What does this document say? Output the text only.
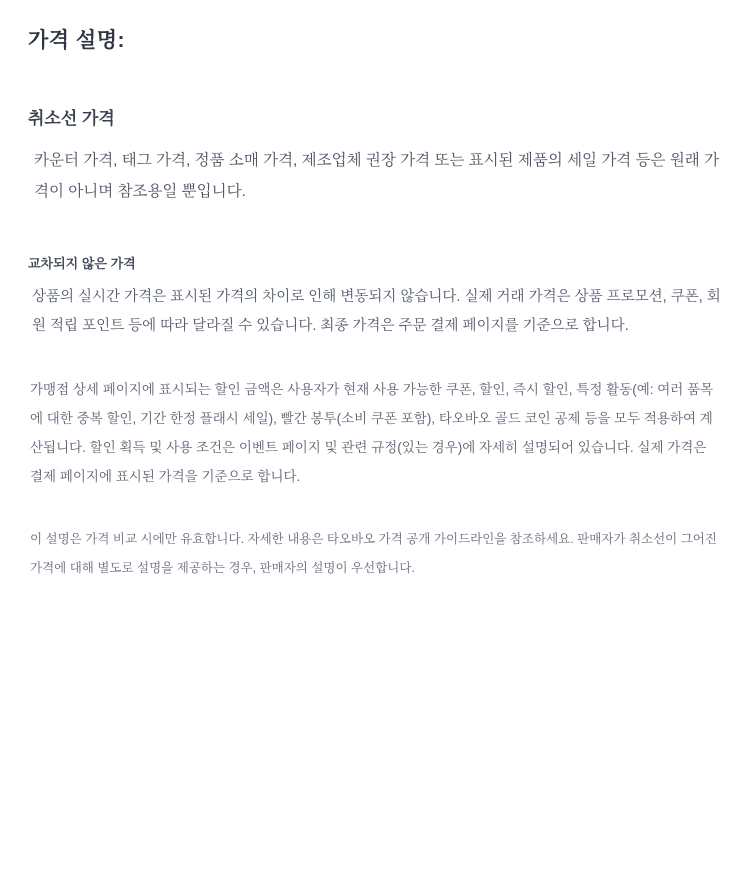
가격 설명:
취소선 가격

카운터 가격, 태그 가격, 정품 소매 가격, 제조업체 권장 가격 또는 표시된 제품의 세일 가격 등은 원래 가격이 아니며 참조용일 뿐입니다.

교차되지 않은 가격

상품의 실시간 가격은 표시된 가격의 차이로 인해 변동되지 않습니다. 실제 거래 가격은 상품 프로모션, 쿠폰, 회원 적립 포인트 등에 따라 달라질 수 있습니다. 최종 가격은 주문 결제 페이지를 기준으로 합니다.

가맹점 상세 페이지에 표시되는 할인 금액은 사용자가 현재 사용 가능한 쿠폰, 할인, 즉시 할인, 특정 활동(예: 여러 품목에 대한 중복 할인, 기간 한정 플래시 세일), 빨간 봉투(소비 쿠폰 포함), 타오바오 골드 코인 공제 등을 모두 적용하여 계산됩니다. 할인 획득 및 사용 조건은 이벤트 페이지 및 관련 규정(있는 경우)에 자세히 설명되어 있습니다. 실제 가격은 결제 페이지에 표시된 가격을 기준으로 합니다.

이 설명은 가격 비교 시에만 유효합니다. 자세한 내용은 타오바오 가격 공개 가이드라인을 참조하세요. 판매자가 취소선이 그어진 가격에 대해 별도로 설명을 제공하는 경우, 판매자의 설명이 우선합니다.
